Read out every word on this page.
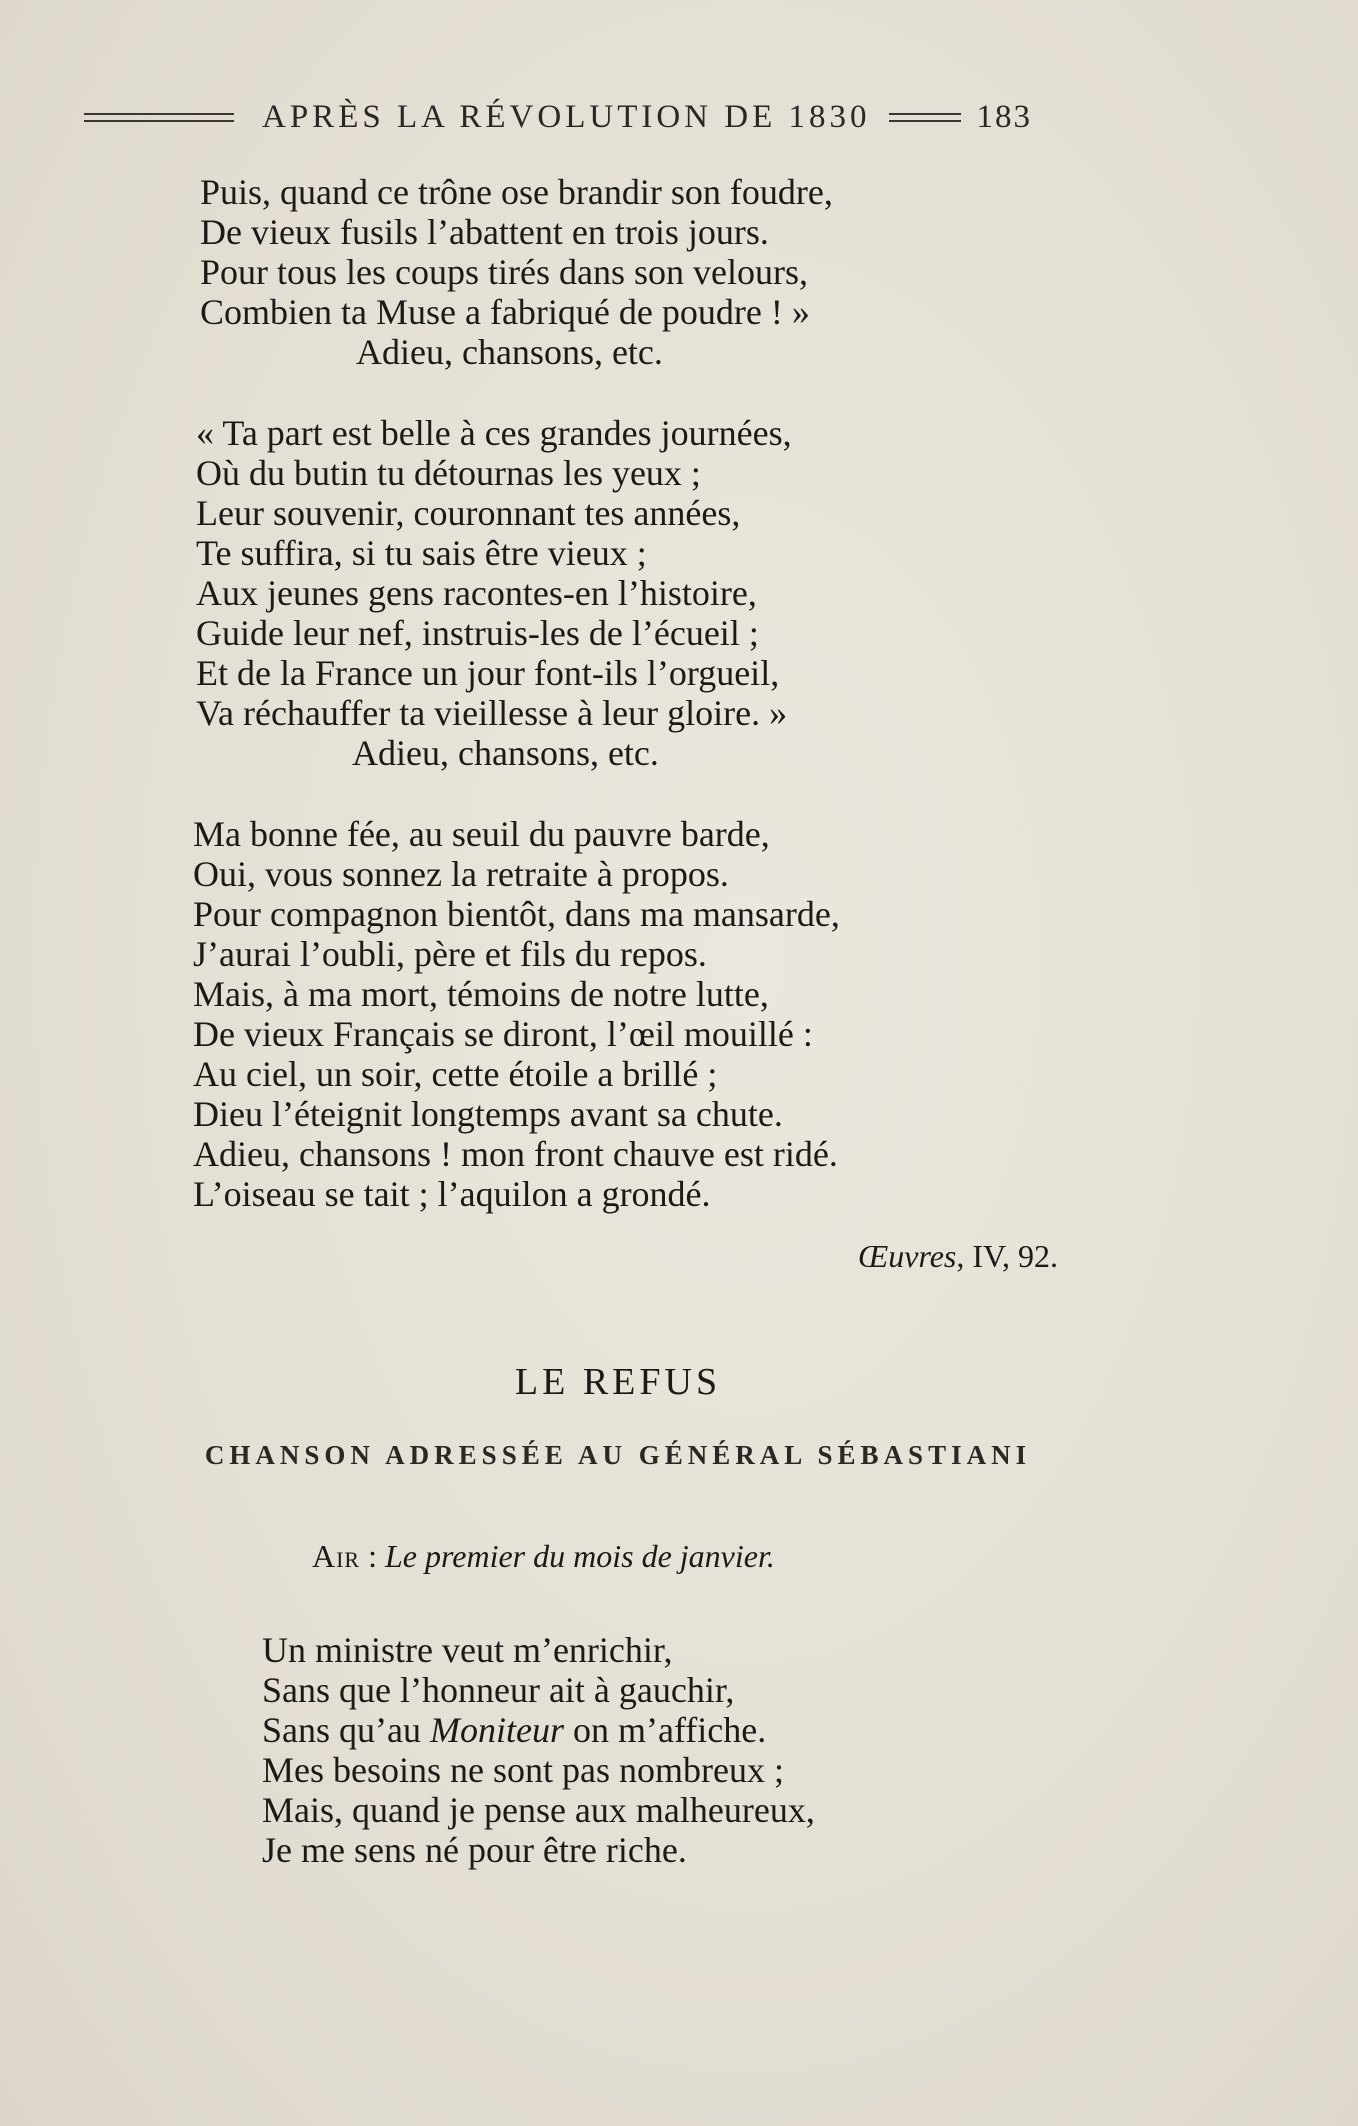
APRÈS LA RÉVOLUTION DE 1830	183
Puis, quand ce trône ose brandir son foudre,
De vieux fusils l’abattent en trois jours.
Pour tous les coups tirés dans son velours,
Combien ta Muse a fabriqué de poudre ! »
Adieu, chansons, etc.
« Ta part est belle à ces grandes journées,
Où du butin tu détournas les yeux ;
Leur souvenir, couronnant tes années,
Te suffira, si tu sais être vieux ;
Aux jeunes gens racontes-en l’histoire,
Guide leur nef, instruis-les de l’écueil ;
Et de la France un jour font-ils l’orgueil,
Va réchauffer ta vieillesse à leur gloire. »
Adieu, chansons, etc.
Ma bonne fée, au seuil du pauvre barde,
Oui, vous sonnez la retraite à propos.
Pour compagnon bientôt, dans ma mansarde,
J’aurai l’oubli, père et fils du repos.
Mais, à ma mort, témoins de notre lutte,
De vieux Français se diront, l’œil mouillé :
Au ciel, un soir, cette étoile a brillé ;
Dieu l’éteignit longtemps avant sa chute.
Adieu, chansons ! mon front chauve est ridé.
L’oiseau se tait ; l’aquilon a grondé.
Œuvres, IV, 92.
LE REFUS
CHANSON ADRESSÉE AU GÉNÉRAL SÉBASTIANI
Air : Le premier du mois de janvier.
Un ministre veut m’enrichir,
Sans que l’honneur ait à gauchir,
Sans qu’au Moniteur on m’affiche.
Mes besoins ne sont pas nombreux ;
Mais, quand je pense aux malheureux,
Je me sens né pour être riche.
